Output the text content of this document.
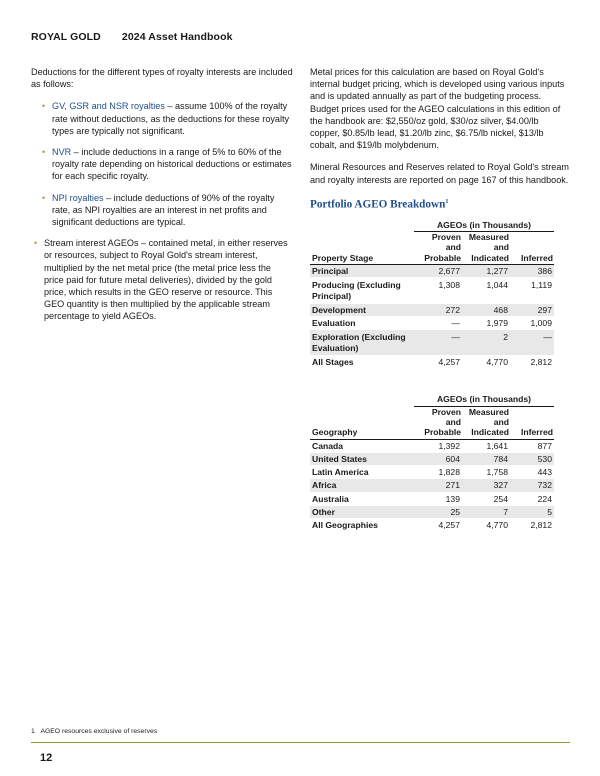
ROYAL GOLD 2024 Asset Handbook

Deductions for the different types of royalty interests are included as follows:

• GV, GSR and NSR royalties – assume 100% of the royalty rate without deductions, as the deductions for these royalty types are typically not significant.
• NVR – include deductions in a range of 5% to 60% of the royalty rate depending on historical deductions or estimates for each specific royalty.
• NPI royalties – include deductions of 90% of the royalty rate, as NPI royalties are an interest in net profits and significant deductions are typical.
• Stream interest AGEOs – contained metal, in either reserves or resources, subject to Royal Gold's stream interest, multiplied by the net metal price (the metal price less the price paid for future metal deliveries), divided by the gold price, which results in the GEO reserve or resource. This GEO quantity is then multiplied by the applicable stream percentage to yield AGEOs.

Metal prices for this calculation are based on Royal Gold's internal budget pricing, which is developed using various inputs and is updated annually as part of the budgeting process. Budget prices used for the AGEO calculations in this edition of the handbook are: $2,550/oz gold, $30/oz silver, $4.00/lb copper, $0.85/lb lead, $1.20/lb zinc, $6.75/lb nickel, $13/lb cobalt, and $19/lb molybdenum.

Mineral Resources and Reserves related to Royal Gold's stream and royalty interests are reported on page 167 of this handbook.

Portfolio AGEO Breakdown$^1$
	AGEOs (in Thousands)		
Property Stage	Proven and Probable	Measured and Indicated	Inferred
Principal	2,677	1,277	386
Producing (Excluding Principal)	1,308	1,044	1,119
Development	272	468	297
Evaluation	—	1,979	1,009
Exploration (Excluding Evaluation)	—	2	—
All Stages	4,257	4,770	2,812
	AGEOs (in Thousands)		
Geography	Proven and Probable	Measured and Indicated	Inferred
Canada	1,392	1,641	877
United States	604	784	530
Latin America	1,828	1,758	443
Africa	271	327	732
Australia	139	254	224
Other	25	7	5
All Geographies	4,257	4,770	2,812
1 AGEO resources exclusive of reserves
12
